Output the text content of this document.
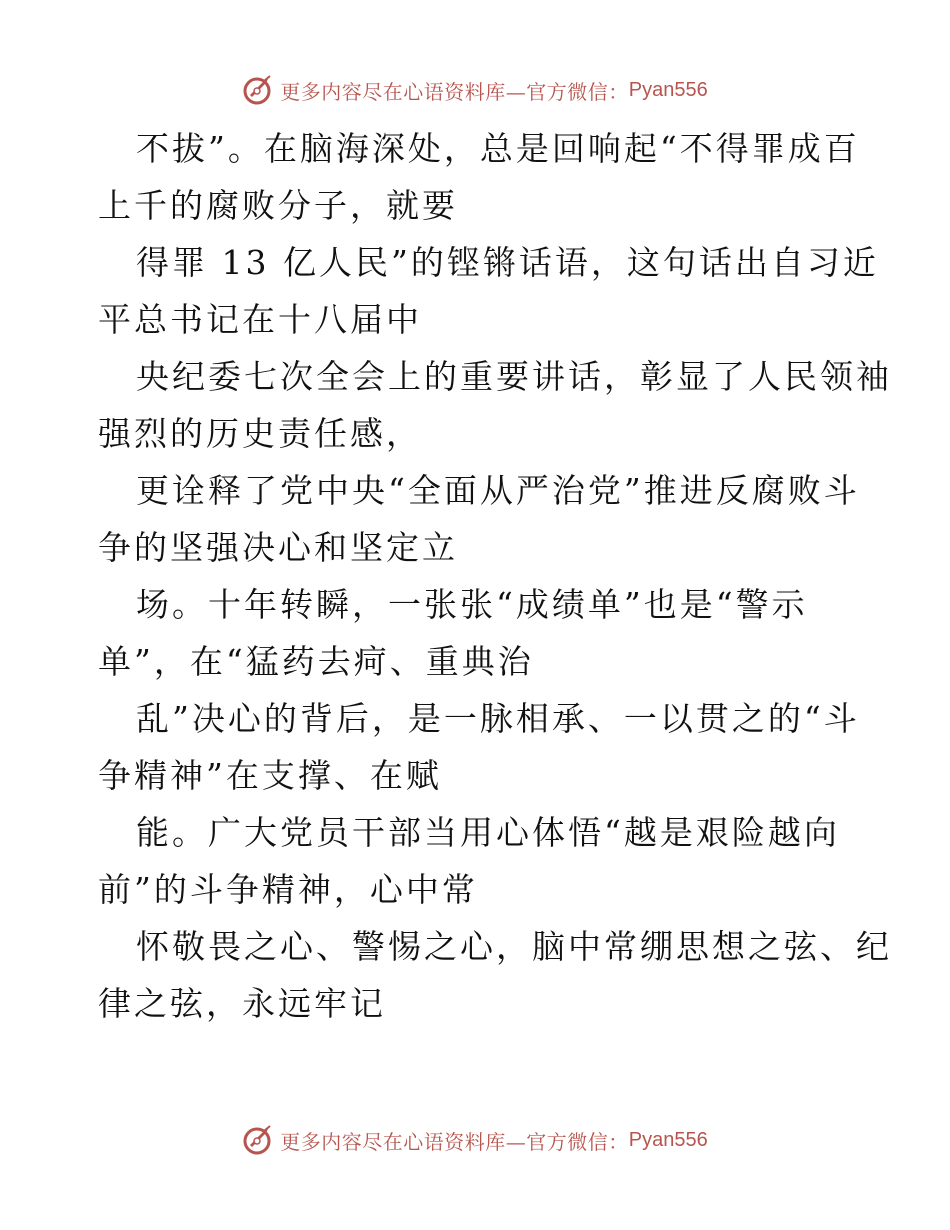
更多内容尽在心语资料库—官方微信： Pyan556
不拔”。在脑海深处，总是回响起“不得罪成百
上千的腐败分子，就要
得罪 13 亿人民”的铿锵话语，这句话出自习近
平总书记在十八届中
央纪委七次全会上的重要讲话，彰显了人民领袖
强烈的历史责任感，
更诠释了党中央“全面从严治党”推进反腐败斗
争的坚强决心和坚定立
场。十年转瞬，一张张“成绩单”也是“警示
单”，在“猛药去疴、重典治
乱”决心的背后，是一脉相承、一以贯之的“斗
争精神”在支撑、在赋
能。广大党员干部当用心体悟“越是艰险越向
前”的斗争精神，心中常
怀敬畏之心、警惕之心，脑中常绷思想之弦、纪
律之弦，永远牢记
更多内容尽在心语资料库—官方微信： Pyan556
